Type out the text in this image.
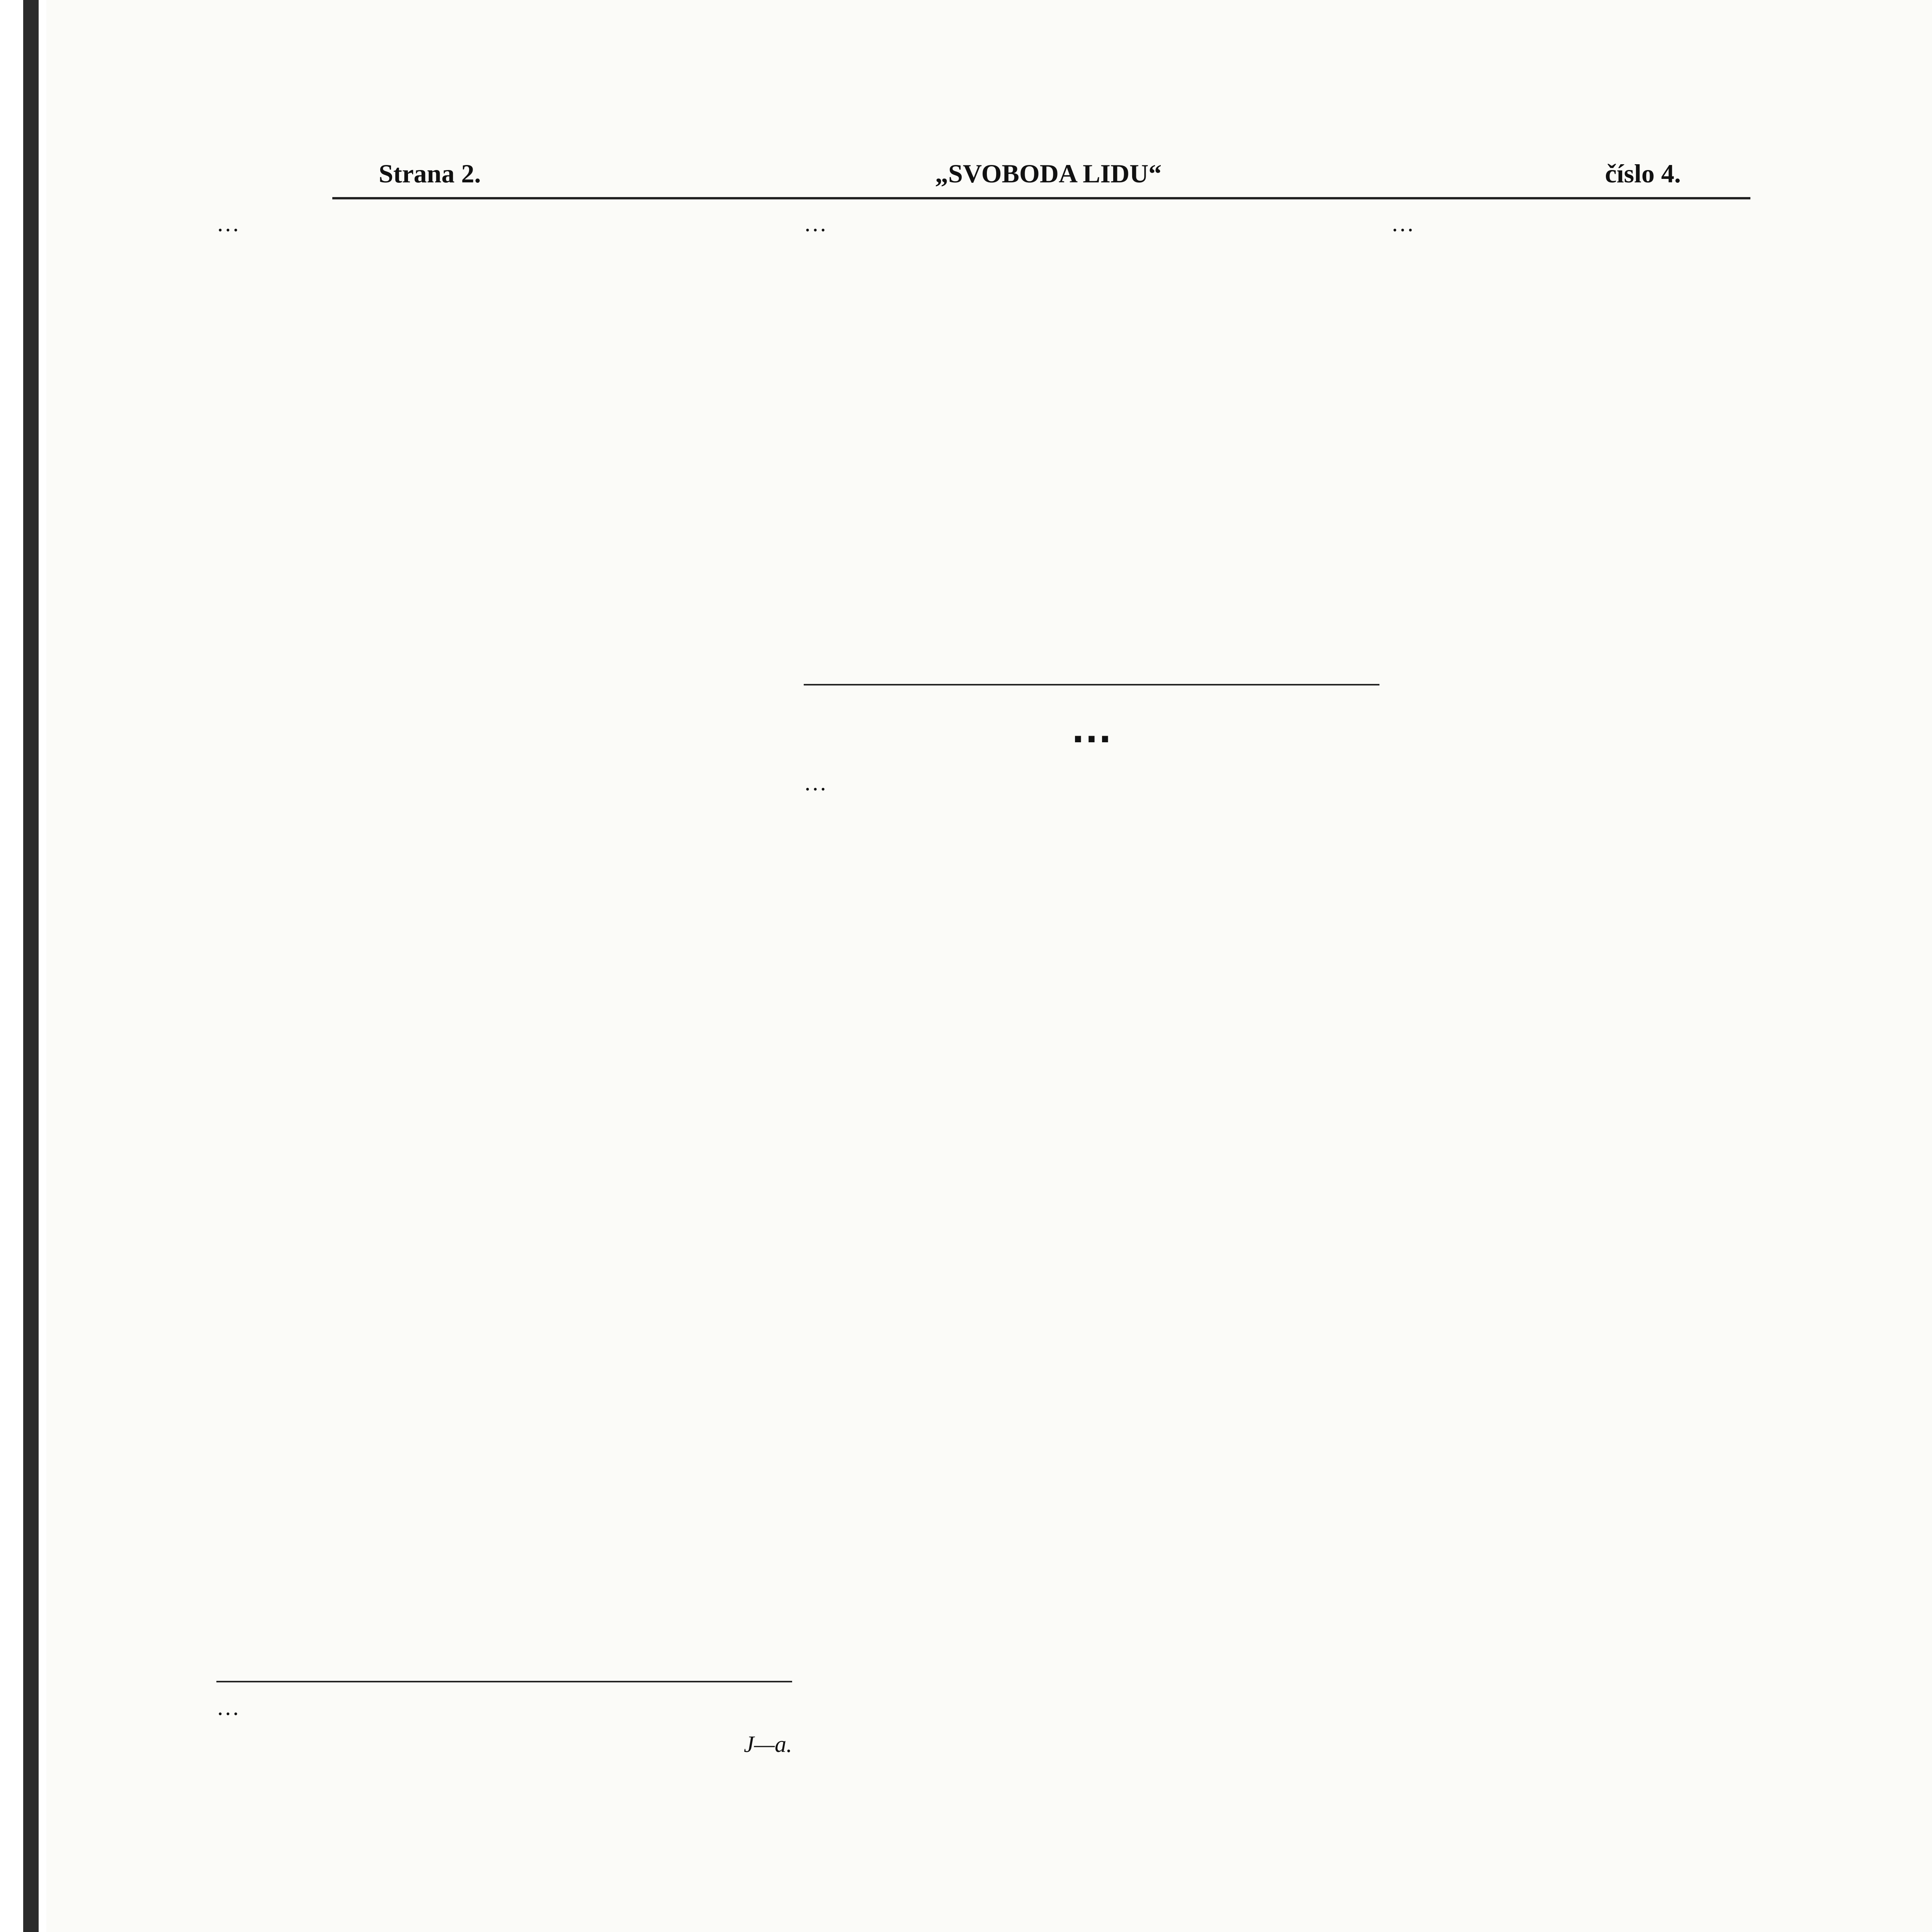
Strana 2.	„SVOBODA LIDU“	číslo 4.
…
…
J—a.
…
…
…
…
